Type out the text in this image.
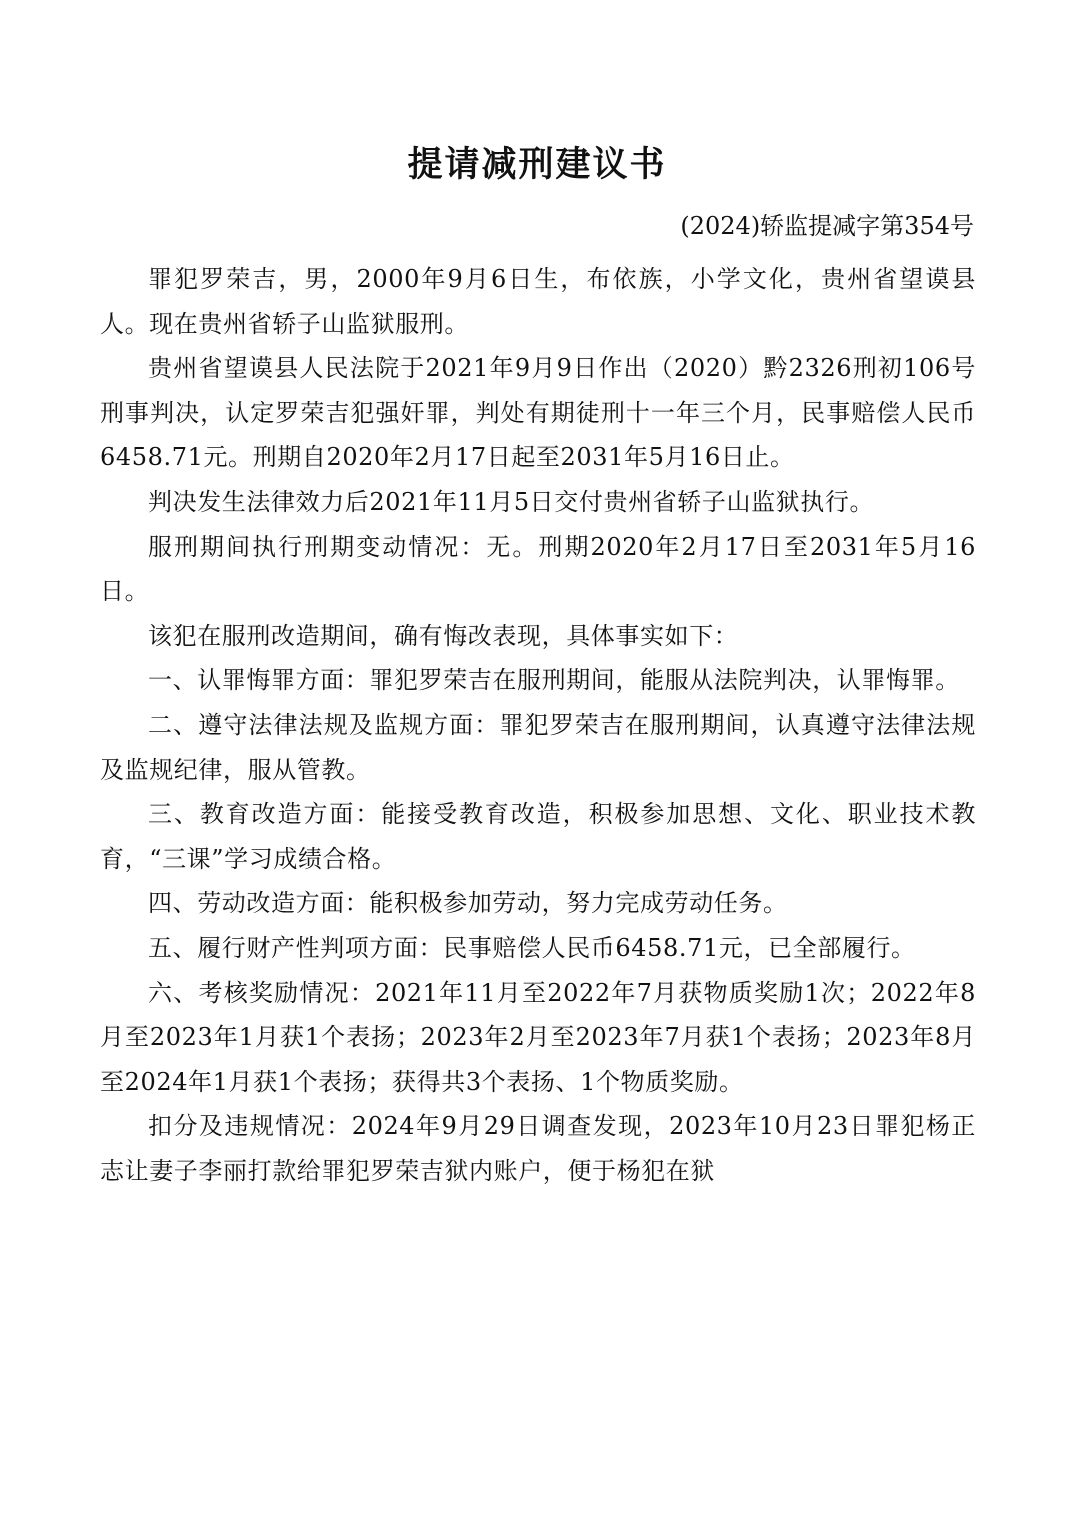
提请减刑建议书
(2024)轿监提减字第354号

罪犯罗荣吉，男，2000年9月6日生，布依族，小学文化，贵州省望谟县人。现在贵州省轿子山监狱服刑。

贵州省望谟县人民法院于2021年9月9日作出（2020）黔2326刑初106号刑事判决，认定罗荣吉犯强奸罪，判处有期徒刑十一年三个月，民事赔偿人民币6458.71元。刑期自2020年2月17日起至2031年5月16日止。

判决发生法律效力后2021年11月5日交付贵州省轿子山监狱执行。

服刑期间执行刑期变动情况：无。刑期2020年2月17日至2031年5月16日。

该犯在服刑改造期间，确有悔改表现，具体事实如下：

一、认罪悔罪方面：罪犯罗荣吉在服刑期间，能服从法院判决，认罪悔罪。

二、遵守法律法规及监规方面：罪犯罗荣吉在服刑期间，认真遵守法律法规及监规纪律，服从管教。

三、教育改造方面：能接受教育改造，积极参加思想、文化、职业技术教育，“三课”学习成绩合格。

四、劳动改造方面：能积极参加劳动，努力完成劳动任务。

五、履行财产性判项方面：民事赔偿人民币6458.71元，已全部履行。

六、考核奖励情况：2021年11月至2022年7月获物质奖励1次；2022年8月至2023年1月获1个表扬；2023年2月至2023年7月获1个表扬；2023年8月至2024年1月获1个表扬；获得共3个表扬、1个物质奖励。

扣分及违规情况：2024年9月29日调查发现，2023年10月23日罪犯杨正志让妻子李丽打款给罪犯罗荣吉狱内账户，便于杨犯在狱
